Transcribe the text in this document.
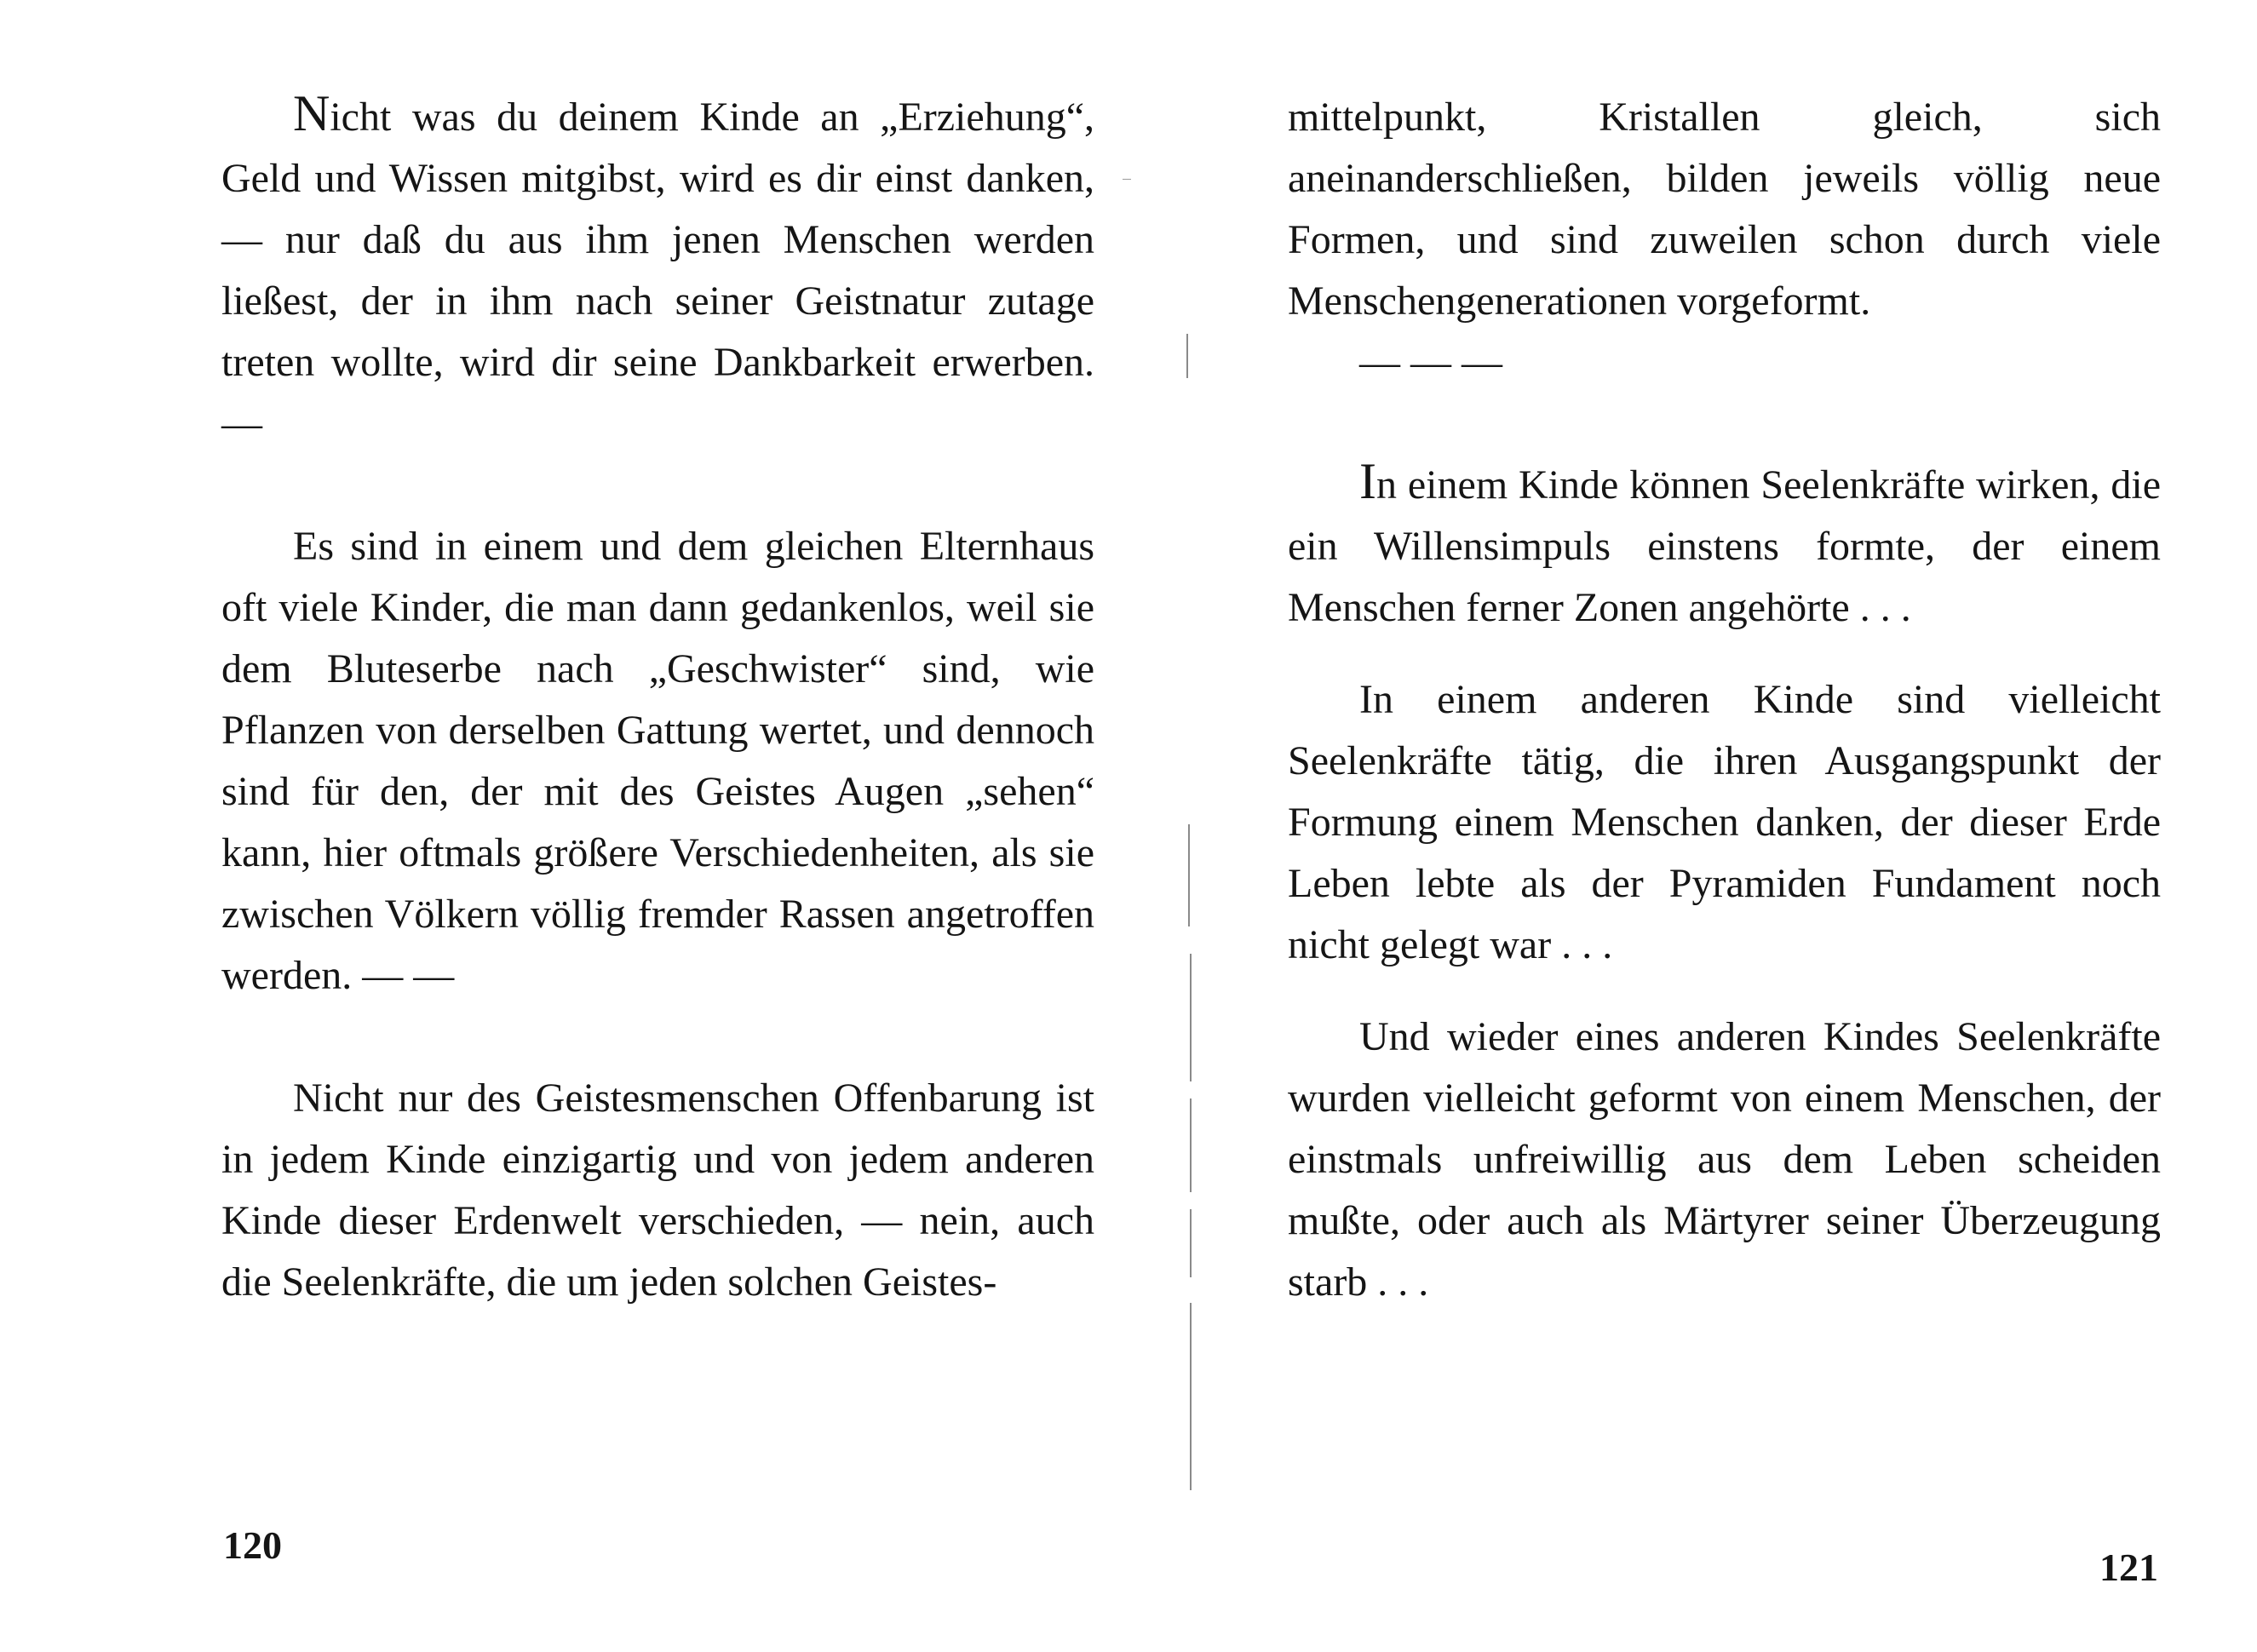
Nicht was du deinem Kinde an „Erziehung“, Geld und Wissen mitgibst, wird es dir einst danken, — nur daß du aus ihm jenen Menschen werden ließest, der in ihm nach seiner Geistnatur zutage treten wollte, wird dir seine Dankbarkeit erwerben. —

Es sind in einem und dem gleichen Elternhaus oft viele Kinder, die man dann gedankenlos, weil sie dem Bluteserbe nach „Geschwister“ sind, wie Pflanzen von derselben Gattung wertet, und dennoch sind für den, der mit des Geistes Augen „sehen“ kann, hier oftmals größere Verschiedenheiten, als sie zwischen Völkern völlig fremder Rassen angetroffen werden. — —

Nicht nur des Geistesmenschen Offenbarung ist in jedem Kinde einzigartig und von jedem anderen Kinde dieser Erdenwelt verschieden, — nein, auch die Seelenkräfte, die um jeden solchen Geistes-

120

mittelpunkt, Kristallen gleich, sich aneinanderschließen, bilden jeweils völlig neue Formen, und sind zuweilen schon durch viele Menschengenerationen vorgeformt.

— — —

In einem Kinde können Seelenkräfte wirken, die ein Willensimpuls einstens formte, der einem Menschen ferner Zonen angehörte . . .

In einem anderen Kinde sind vielleicht Seelenkräfte tätig, die ihren Ausgangspunkt der Formung einem Menschen danken, der dieser Erde Leben lebte als der Pyramiden Fundament noch nicht gelegt war . . .

Und wieder eines anderen Kindes Seelenkräfte wurden vielleicht geformt von einem Menschen, der einstmals unfreiwillig aus dem Leben scheiden mußte, oder auch als Märtyrer seiner Überzeugung starb . . .

121
